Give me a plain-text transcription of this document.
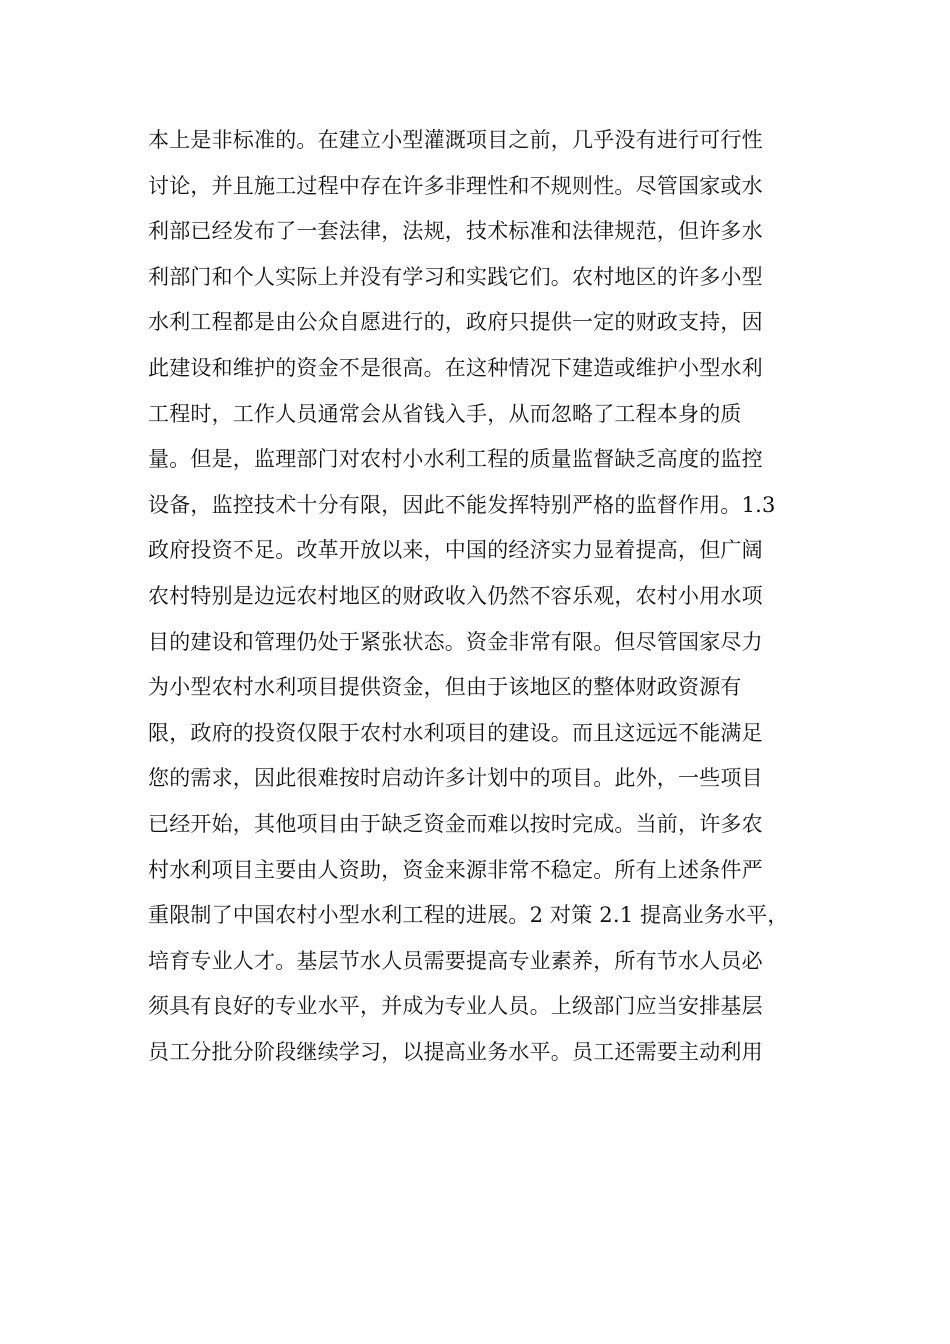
本上是非标准的。在建立小型灌溉项目之前，几乎没有进行可行性
讨论，并且施工过程中存在许多非理性和不规则性。尽管国家或水
利部已经发布了一套法律，法规，技术标准和法律规范，但许多水
利部门和个人实际上并没有学习和实践它们。农村地区的许多小型
水利工程都是由公众自愿进行的，政府只提供一定的财政支持，因
此建设和维护的资金不是很高。在这种情况下建造或维护小型水利
工程时，工作人员通常会从省钱入手，从而忽略了工程本身的质
量。但是，监理部门对农村小水利工程的质量监督缺乏高度的监控
设备，监控技术十分有限，因此不能发挥特别严格的监督作用。1.3
政府投资不足。改革开放以来，中国的经济实力显着提高，但广阔
农村特别是边远农村地区的财政收入仍然不容乐观，农村小用水项
目的建设和管理仍处于紧张状态。资金非常有限。但尽管国家尽力
为小型农村水利项目提供资金，但由于该地区的整体财政资源有
限，政府的投资仅限于农村水利项目的建设。而且这远远不能满足
您的需求，因此很难按时启动许多计划中的项目。此外，一些项目
已经开始，其他项目由于缺乏资金而难以按时完成。当前，许多农
村水利项目主要由人资助，资金来源非常不稳定。所有上述条件严
重限制了中国农村小型水利工程的进展。2 对策 2.1 提高业务水平，
培育专业人才。基层节水人员需要提高专业素养，所有节水人员必
须具有良好的专业水平，并成为专业人员。上级部门应当安排基层
员工分批分阶段继续学习，以提高业务水平。员工还需要主动利用
